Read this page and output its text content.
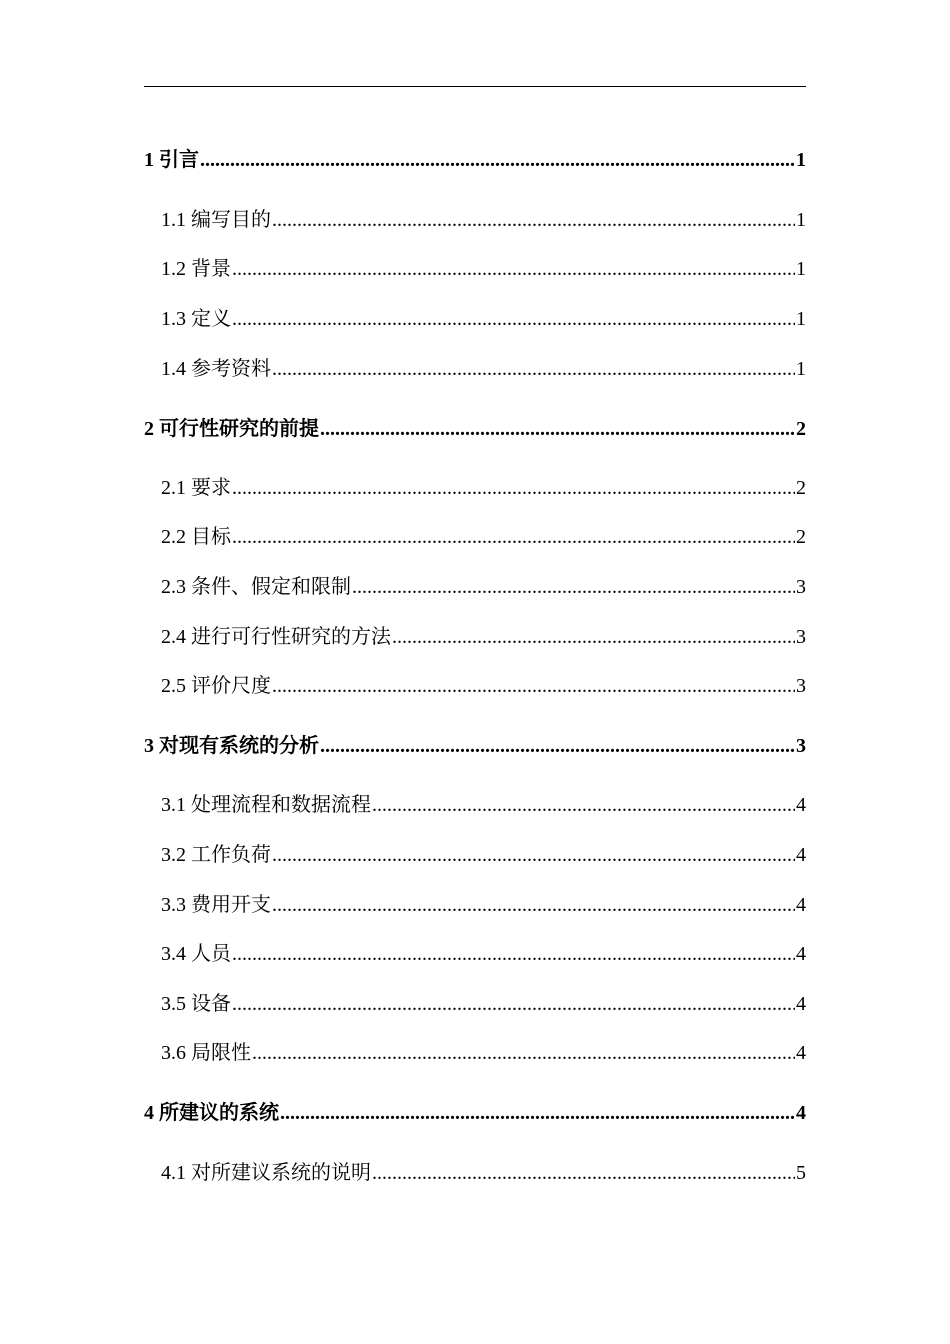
1 引言 .....	1
1.1 编写目的 .....	1
1.2 背景 .....	1
1.3 定义 .....	1
1.4 参考资料 .....	1
2 可行性研究的前提 .....	2
2.1 要求 .....	2
2.2 目标 .....	2
2.3 条件、假定和限制 .....	3
2.4 进行可行性研究的方法 .....	3
2.5 评价尺度 .....	3
3 对现有系统的分析 .....	3
3.1 处理流程和数据流程 .....	4
3.2 工作负荷 .....	4
3.3 费用开支 .....	4
3.4 人员 .....	4
3.5 设备 .....	4
3.6 局限性 .....	4
4 所建议的系统 .....	4
4.1 对所建议系统的说明 .....	5
